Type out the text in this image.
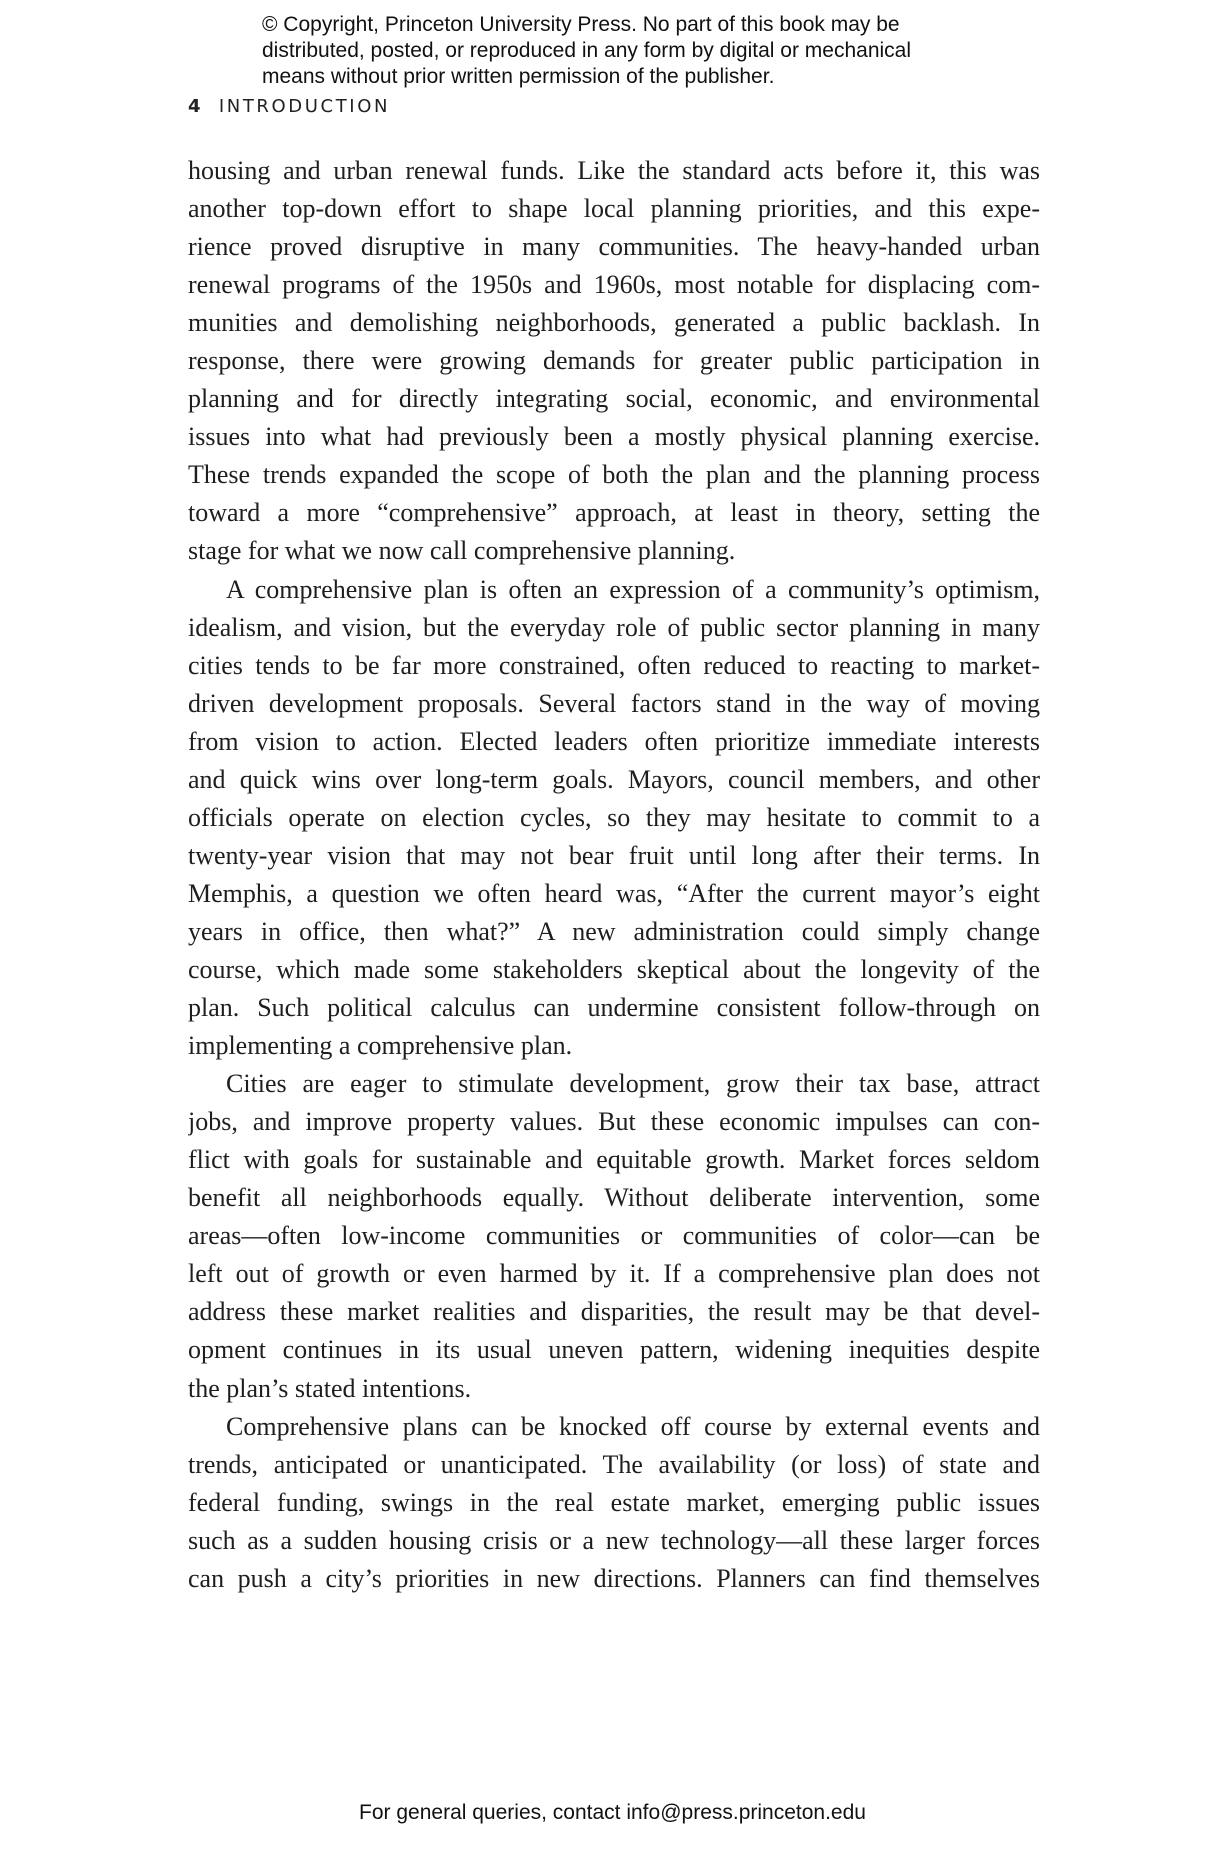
© Copyright, Princeton University Press. No part of this book may be
distributed, posted, or reproduced in any form by digital or mechanical
means without prior written permission of the publisher.
4 INTRODUCTION
housing and urban renewal funds. Like the standard acts before it, this was
another top-down effort to shape local planning priorities, and this expe-
rience proved disruptive in many communities. The heavy-handed urban
renewal programs of the 1950s and 1960s, most notable for displacing com-
munities and demolishing neighborhoods, generated a public backlash. In
response, there were growing demands for greater public participation in
planning and for directly integrating social, economic, and environmental
issues into what had previously been a mostly physical planning exercise.
These trends expanded the scope of both the plan and the planning process
toward a more “comprehensive” approach, at least in theory, setting the
stage for what we now call comprehensive planning.
A comprehensive plan is often an expression of a community’s optimism,
idealism, and vision, but the everyday role of public sector planning in many
cities tends to be far more constrained, often reduced to reacting to market-
driven development proposals. Several factors stand in the way of moving
from vision to action. Elected leaders often prioritize immediate interests
and quick wins over long-term goals. Mayors, council members, and other
officials operate on election cycles, so they may hesitate to commit to a
twenty-year vision that may not bear fruit until long after their terms. In
Memphis, a question we often heard was, “After the current mayor’s eight
years in office, then what?” A new administration could simply change
course, which made some stakeholders skeptical about the longevity of the
plan. Such political calculus can undermine consistent follow-through on
implementing a comprehensive plan.
Cities are eager to stimulate development, grow their tax base, attract
jobs, and improve property values. But these economic impulses can con-
flict with goals for sustainable and equitable growth. Market forces seldom
benefit all neighborhoods equally. Without deliberate intervention, some
areas—often low-income communities or communities of color—can be
left out of growth or even harmed by it. If a comprehensive plan does not
address these market realities and disparities, the result may be that devel-
opment continues in its usual uneven pattern, widening inequities despite
the plan’s stated intentions.
Comprehensive plans can be knocked off course by external events and
trends, anticipated or unanticipated. The availability (or loss) of state and
federal funding, swings in the real estate market, emerging public issues
such as a sudden housing crisis or a new technology—all these larger forces
can push a city’s priorities in new directions. Planners can find themselves
For general queries, contact info@press.princeton.edu
